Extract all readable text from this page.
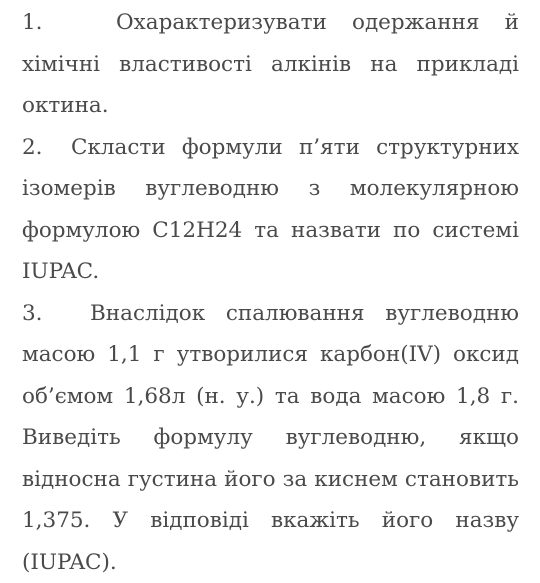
1.	Охарактеризувати одержання й хімічні властивості алкінів на прикладі октина.

2. Скласти формули п’яти структурних ізомерів вуглеводню з молекулярною формулою C12H24 та назвати по системі IUPAC.

3. Внаслідок спалювання вуглеводню масою 1,1 г утворилися карбон(IV) оксид об’ємом 1,68л (н. у.) та вода масою 1,8 г. Виведіть формулу вуглеводню, якщо відносна густина його за киснем становить 1,375. У відповіді вкажіть його назву (IUPAC).
